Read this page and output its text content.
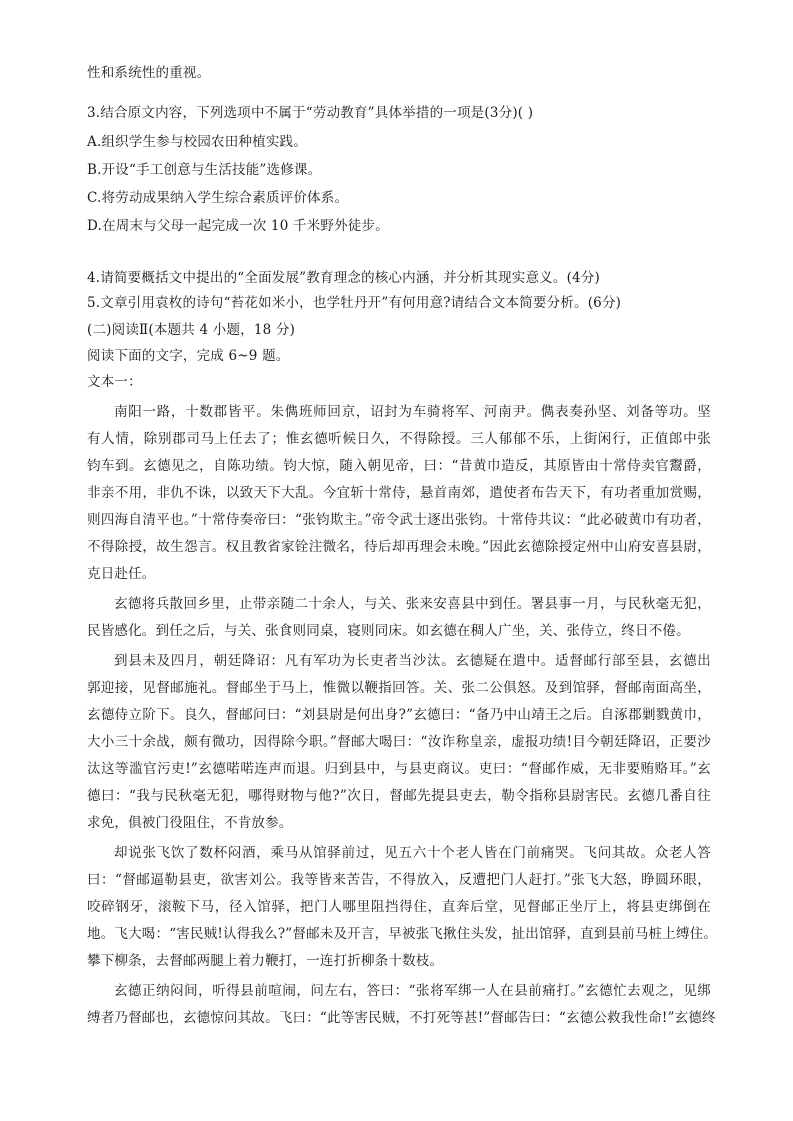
性和系统性的重视。
3.结合原文内容，下列选项中不属于“劳动教育”具体举措的一项是(3分)( )
A.组织学生参与校园农田种植实践。
B.开设“手工创意与生活技能”选修课。
C.将劳动成果纳入学生综合素质评价体系。
D.在周末与父母一起完成一次 10 千米野外徒步。
4.请简要概括文中提出的“全面发展”教育理念的核心内涵，并分析其现实意义。(4分)
5.文章引用袁枚的诗句“苔花如米小，也学牡丹开”有何用意?请结合文本简要分析。(6分)
(二)阅读Ⅱ(本题共 4 小题，18 分)
阅读下面的文字，完成 6~9 题。
文本一：
南阳一路，十数郡皆平。朱儁班师回京，诏封为车骑将军、河南尹。儁表奏孙坚、刘备等功。坚
有人情，除别郡司马上任去了；惟玄德听候日久，不得除授。三人郁郁不乐，上街闲行，正值郎中张
钧车到。玄德见之，自陈功绩。钧大惊，随入朝见帝，曰：“昔黄巾造反，其原皆由十常侍卖官鬻爵，
非亲不用，非仇不诛，以致天下大乱。今宜斩十常侍，悬首南郊，遣使者布告天下，有功者重加赏赐，
则四海自清平也。”十常侍奏帝曰：“张钧欺主。”帝令武士逐出张钧。十常侍共议：“此必破黄巾有功者，
不得除授，故生怨言。权且教省家铨注微名，待后却再理会未晚。”因此玄德除授定州中山府安喜县尉，
克日赴任。
玄德将兵散回乡里，止带亲随二十余人，与关、张来安喜县中到任。署县事一月，与民秋毫无犯，
民皆感化。到任之后，与关、张食则同桌，寝则同床。如玄德在稠人广坐，关、张侍立，终日不倦。
到县未及四月，朝廷降诏：凡有军功为长吏者当沙汰。玄德疑在遣中。适督邮行部至县，玄德出
郭迎接，见督邮施礼。督邮坐于马上，惟微以鞭指回答。关、张二公俱怒。及到馆驿，督邮南面高坐，
玄德侍立阶下。良久，督邮问曰：“刘县尉是何出身?”玄德曰：“备乃中山靖王之后。自涿郡剿戮黄巾，
大小三十余战，颇有微功，因得除今职。”督邮大喝曰：“汝诈称皇亲，虚报功绩!目今朝廷降诏，正要沙
汰这等滥官污吏!”玄德喏喏连声而退。归到县中，与县吏商议。吏曰：“督邮作威，无非要贿赂耳。”玄
德曰：“我与民秋毫无犯，哪得财物与他?”次日，督邮先提县吏去，勒令指称县尉害民。玄德几番自往
求免，俱被门役阻住，不肯放参。
却说张飞饮了数杯闷酒，乘马从馆驿前过，见五六十个老人皆在门前痛哭。飞问其故。众老人答
曰：“督邮逼勒县吏，欲害刘公。我等皆来苦告，不得放入，反遭把门人赶打。”张飞大怒，睁圆环眼，
咬碎钢牙，滚鞍下马，径入馆驿，把门人哪里阻挡得住，直奔后堂，见督邮正坐厅上，将县吏绑倒在
地。飞大喝：“害民贼!认得我么?”督邮未及开言，早被张飞揪住头发，扯出馆驿，直到县前马桩上缚住。
攀下柳条，去督邮两腿上着力鞭打，一连打折柳条十数枝。
玄德正纳闷间，听得县前喧闹，问左右，答曰：“张将军绑一人在县前痛打。”玄德忙去观之，见绑
缚者乃督邮也，玄德惊问其故。飞曰：“此等害民贼，不打死等甚!”督邮告曰：“玄德公救我性命!”玄德终
